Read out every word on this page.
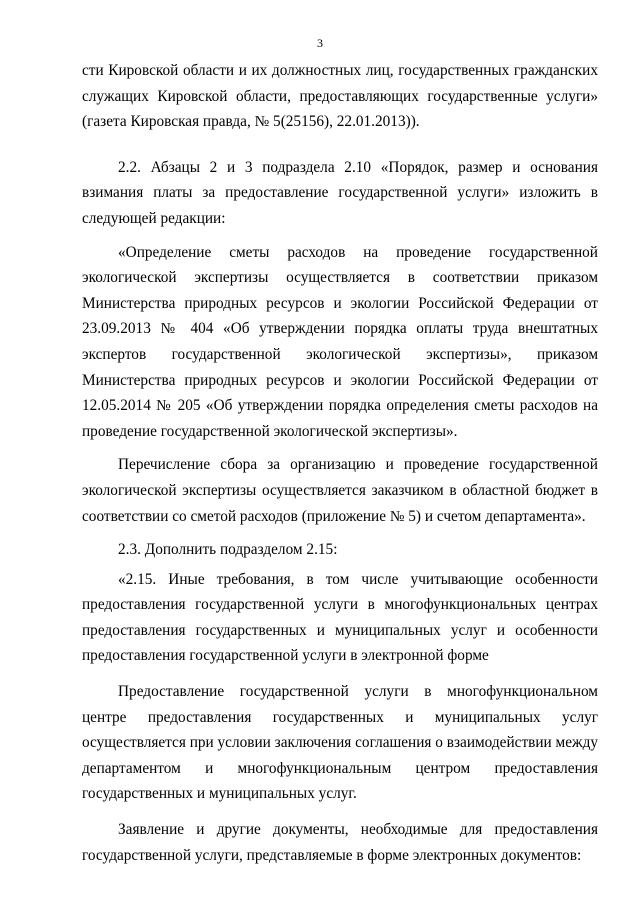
3

сти Кировской области и их должностных лиц, государственных гражданских служащих Кировской области, предоставляющих государственные услуги» (газета Кировская правда, № 5(25156), 22.01.2013)).

2.2. Абзацы 2 и 3 подраздела 2.10 «Порядок, размер и основания взимания платы за предоставление государственной услуги» изложить в следующей редакции:

«Определение сметы расходов на проведение государственной экологической экспертизы осуществляется в соответствии приказом Министерства природных ресурсов и экологии Российской Федерации от 23.09.2013 № 404 «Об утверждении порядка оплаты труда внештатных экспертов государственной экологической экспертизы», приказом Министерства природных ресурсов и экологии Российской Федерации от 12.05.2014 № 205 «Об утверждении порядка определения сметы расходов на проведение государственной экологической экспертизы».

Перечисление сбора за организацию и проведение государственной экологической экспертизы осуществляется заказчиком в областной бюджет в соответствии со сметой расходов (приложение № 5) и счетом департамента».

2.3. Дополнить подразделом 2.15:

«2.15. Иные требования, в том числе учитывающие особенности предоставления государственной услуги в многофункциональных центрах предоставления государственных и муниципальных услуг и особенности предоставления государственной услуги в электронной форме

Предоставление государственной услуги в многофункциональном центре предоставления государственных и муниципальных услуг осуществляется при условии заключения соглашения о взаимодействии между департаментом и многофункциональным центром предоставления государственных и муниципальных услуг.

Заявление и другие документы, необходимые для предоставления государственной услуги, представляемые в форме электронных документов:
